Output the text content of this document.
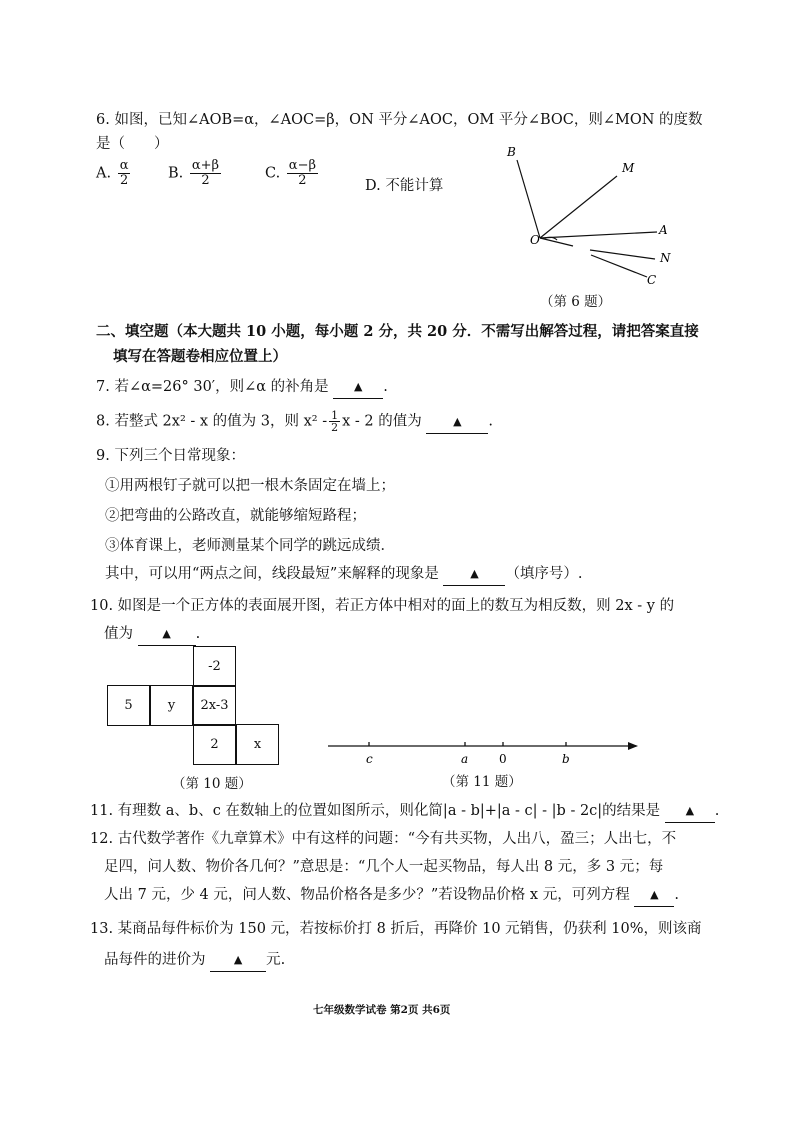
6. 如图，已知∠AOB=α，∠AOC=β，ON 平分∠AOC，OM 平分∠BOC，则∠MON 的度数
是（　　）
A. $\frac{\alpha}{2}$	B. $\frac{\alpha+\beta}{2}$	C. $\frac{\alpha-\beta}{2}$	D. 不能计算
B
M
A
O
N
C
（第 6 题）
二、填空题（本大题共 10 小题，每小题 2 分，共 20 分．不需写出解答过程，请把答案直接
填写在答题卷相应位置上）
7. 若∠α=26° 30′，则∠α 的补角是 ▲ .
8. 若整式 2x² - x 的值为 3，则 $x^2 - \frac{1}{2}$ x - 2 的值为	▲ .
9. 下列三个日常现象：
①用两根钉子就可以把一根木条固定在墙上；
②把弯曲的公路改直，就能够缩短路程；
③体育课上，老师测量某个同学的跳远成绩．
其中，可以用“两点之间，线段最短”来解释的现象是	▲ （填序号）.
10. 如图是一个正方体的表面展开图，若正方体中相对的面上的数互为相反数，则 2x - y 的
值为	▲ .
-2
5	y	2x-3
2	x
（第 10 题）
c	a	0	b
（第 11 题）
11. 有理数 a、b、c 在数轴上的位置如图所示，则化简|a - b|+|a - c| - |b - 2c|的结果是 ▲ .
12. 古代数学著作《九章算术》中有这样的问题：“今有共买物，人出八，盈三；人出七，不
足四，问人数、物价各几何？”意思是：“几个人一起买物品，每人出 8 元，多 3 元；每
人出 7 元，少 4 元，问人数、物品价格各是多少？”若设物品价格 x 元，可列方程 ▲ .
13. 某商品每件标价为 150 元，若按标价打 8 折后，再降价 10 元销售，仍获利 10%，则该商
品每件的进价为	▲ 元.
七年级数学试卷 第2页 共6页
